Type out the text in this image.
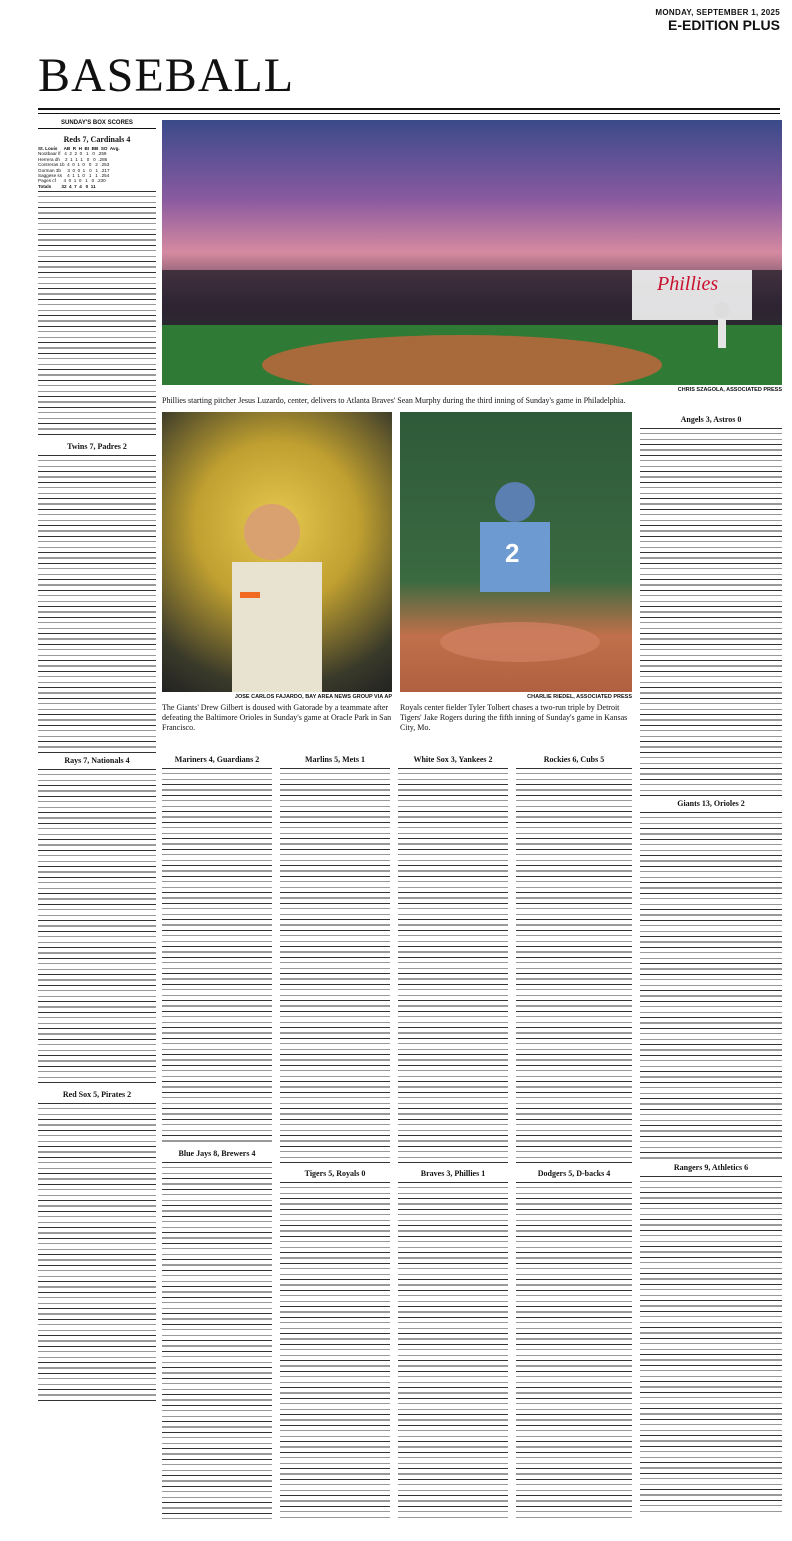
MONDAY, SEPTEMBER 1, 2025
E-EDITION PLUS
BASEBALL
SUNDAY'S BOX SCORES
Reds 7, Cardinals 4
St. Louis     AB  R  H  BI  BB  SO  Avg.
Nootbaar lf   4  2  2  0   1   0  .259
Herrera dh    2  1  1  1   0   0  .286
Contreras 1b  4  0  1  0   0   2  .253
Gorman 3b     3  0  0  1   0   1  .217
Saggese ss    4  1  1  0   1   1  .254
Pages cf      4  0  1  0   1   0  .230
Totals        32  4  7  4   0  11
Twins 7, Padres 2
Rays 7, Nationals 4
Red Sox 5, Pirates 2
Phillies
CHRIS SZAGOLA, ASSOCIATED PRESS
Phillies starting pitcher Jesus Luzardo, center, delivers to Atlanta Braves' Sean Murphy during the third inning of Sunday's game in Philadelphia.
JOSE CARLOS FAJARDO, BAY AREA NEWS GROUP VIA AP
The Giants' Drew Gilbert is doused with Gatorade by a teammate after defeating the Baltimore Orioles in Sunday's game at Oracle Park in San Francisco.
2
CHARLIE RIEDEL, ASSOCIATED PRESS
Royals center fielder Tyler Tolbert chases a two-run triple by Detroit Tigers' Jake Rogers during the fifth inning of Sunday's game in Kansas City, Mo.
Mariners 4, Guardians 2
Blue Jays 8, Brewers 4
Marlins 5, Mets 1
Tigers 5, Royals 0
White Sox 3, Yankees 2
Braves 3, Phillies 1
Rockies 6, Cubs 5
Dodgers 5, D-backs 4
Angels 3, Astros 0
Giants 13, Orioles 2
Rangers 9, Athletics 6
